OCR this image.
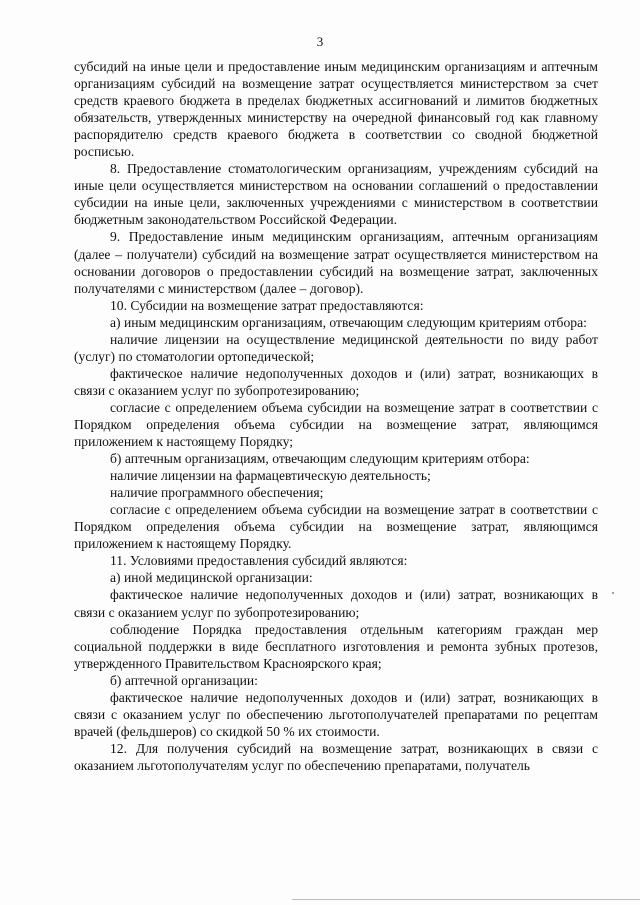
3

субсидий на иные цели и предоставление иным медицинским организациям и аптечным организациям субсидий на возмещение затрат осуществляется министерством за счет средств краевого бюджета в пределах бюджетных ассигнований и лимитов бюджетных обязательств, утвержденных министерству на очередной финансовый год как главному распорядителю средств краевого бюджета в соответствии со сводной бюджетной росписью.

8. Предоставление стоматологическим организациям, учреждениям субсидий на иные цели осуществляется министерством на основании соглашений о предоставлении субсидии на иные цели, заключенных учреждениями с министерством в соответствии бюджетным законодательством Российской Федерации.

9. Предоставление иным медицинским организациям, аптечным организациям (далее – получатели) субсидий на возмещение затрат осуществляется министерством на основании договоров о предоставлении субсидий на возмещение затрат, заключенных получателями с министерством (далее – договор).

10. Субсидии на возмещение затрат предоставляются:

а) иным медицинским организациям, отвечающим следующим критериям отбора:

наличие лицензии на осуществление медицинской деятельности по виду работ (услуг) по стоматологии ортопедической;

фактическое наличие недополученных доходов и (или) затрат, возникающих в связи с оказанием услуг по зубопротезированию;

согласие с определением объема субсидии на возмещение затрат в соответствии с Порядком определения объема субсидии на возмещение затрат, являющимся приложением к настоящему Порядку;

б) аптечным организациям, отвечающим следующим критериям отбора:

наличие лицензии на фармацевтическую деятельность;

наличие программного обеспечения;

согласие с определением объема субсидии на возмещение затрат в соответствии с Порядком определения объема субсидии на возмещение затрат, являющимся приложением к настоящему Порядку.

11. Условиями предоставления субсидий являются:

а) иной медицинской организации:

фактическое наличие недополученных доходов и (или) затрат, возникающих в связи с оказанием услуг по зубопротезированию;

соблюдение Порядка предоставления отдельным категориям граждан мер социальной поддержки в виде бесплатного изготовления и ремонта зубных протезов, утвержденного Правительством Красноярского края;

б) аптечной организации:

фактическое наличие недополученных доходов и (или) затрат, возникающих в связи с оказанием услуг по обеспечению льготополучателей препаратами по рецептам врачей (фельдшеров) со скидкой 50 % их стоимости.

12. Для получения субсидий на возмещение затрат, возникающих в связи с оказанием льготополучателям услуг по обеспечению препаратами, получатель
